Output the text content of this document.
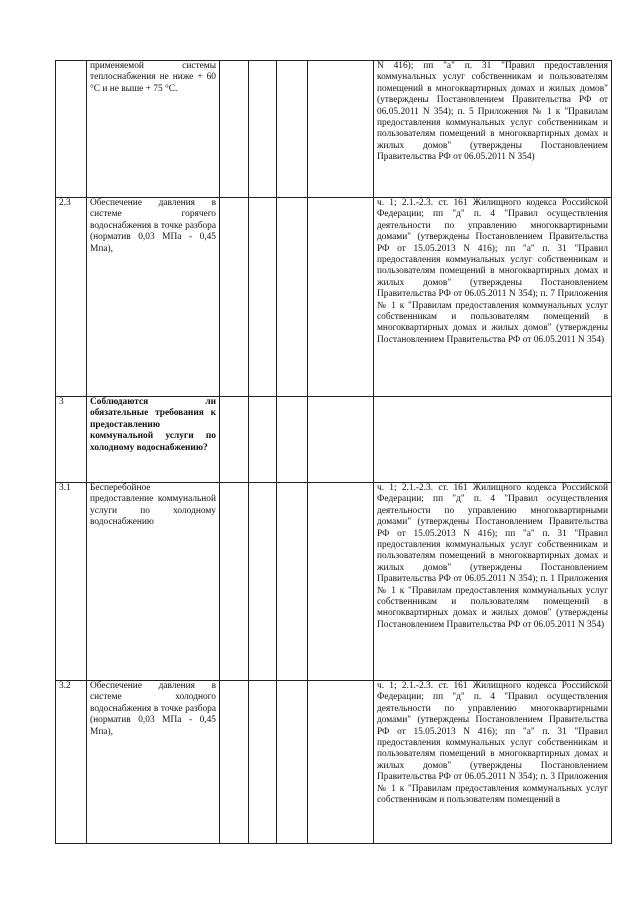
	применяемой системы теплоснабжения не ниже + 60 °С и не выше + 75 °С.					N 416); пп "а" п. 31 "Правил предоставления коммунальных услуг собственникам и пользователям помещений в многоквартирных домах и жилых домов" (утверждены Постановлением Правительства РФ от 06.05.2011 N 354); п. 5 Приложения № 1 к "Правилам предоставления коммунальных услуг собственникам и пользователям помещений в многоквартирных домах и жилых домов" (утверждены Постановлением Правительства РФ от 06.05.2011 N 354)
2.3	Обеспечение давления в системе горячего водоснабжения в точке разбора (норматив 0,03 МПа - 0,45 Мпа),					ч. 1; 2.1.-2.3. ст. 161 Жилищного кодекса Российской Федерации; пп "д" п. 4 "Правил осуществления деятельности по управлению многоквартирными домами" (утверждены Постановлением Правительства РФ от 15.05.2013 N 416); пп "а" п. 31 "Правил предоставления коммунальных услуг собственникам и пользователям помещений в многоквартирных домах и жилых домов" (утверждены Постановлением Правительства РФ от 06.05.2011 N 354); п. 7 Приложения № 1 к "Правилам предоставления коммунальных услуг собственникам и пользователям помещений в многоквартирных домах и жилых домов" (утверждены Постановлением Правительства РФ от 06.05.2011 N 354)
3	Соблюдаются ли обязательные требования к предоставлению коммунальной услуги по холодному водоснабжению?					
3.1	Бесперебойное предоставление коммунальной услуги по холодному водоснабжению					ч. 1; 2.1.-2.3. ст. 161 Жилищного кодекса Российской Федерации; пп "д" п. 4 "Правил осуществления деятельности по управлению многоквартирными домами" (утверждены Постановлением Правительства РФ от 15.05.2013 N 416); пп "а" п. 31 "Правил предоставления коммунальных услуг собственникам и пользователям помещений в многоквартирных домах и жилых домов" (утверждены Постановлением Правительства РФ от 06.05.2011 N 354); п. 1 Приложения № 1 к "Правилам предоставления коммунальных услуг собственникам и пользователям помещений в многоквартирных домах и жилых домов" (утверждены Постановлением Правительства РФ от 06.05.2011 N 354)
3.2	Обеспечение давления в системе холодного водоснабжения в точке разбора (норматив 0,03 МПа - 0,45 Мпа),					ч. 1; 2.1.-2.3. ст. 161 Жилищного кодекса Российской Федерации; пп "д" п. 4 "Правил осуществления деятельности по управлению многоквартирными домами" (утверждены Постановлением Правительства РФ от 15.05.2013 N 416); пп "а" п. 31 "Правил предоставления коммунальных услуг собственникам и пользователям помещений в многоквартирных домах и жилых домов" (утверждены Постановлением Правительства РФ от 06.05.2011 N 354); п. 3 Приложения № 1 к "Правилам предоставления коммунальных услуг собственникам и пользователям помещений в
